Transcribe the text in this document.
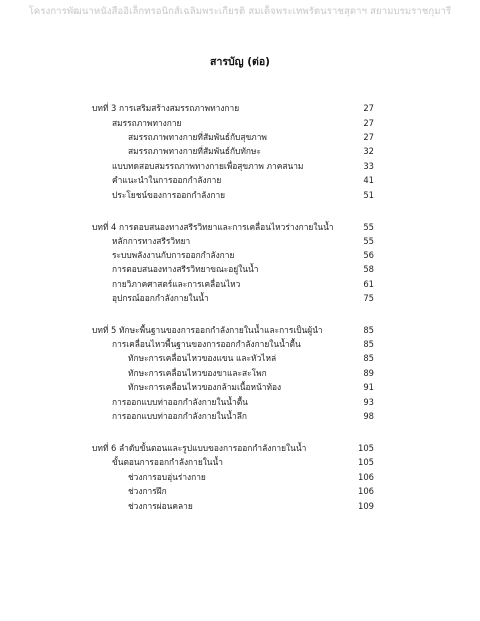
โครงการพัฒนาหนังสืออิเล็กทรอนิกส์เฉลิมพระเกียรติ สมเด็จพระเทพรัตนราชสุดาฯ สยามบรมราชกุมารี
สารบัญ (ต่อ)
บทที่ 3 การเสริมสร้างสมรรถภาพทางกาย	27
สมรรถภาพทางกาย	27
สมรรถภาพทางกายที่สัมพันธ์กับสุขภาพ	27
สมรรถภาพทางกายที่สัมพันธ์กับทักษะ	32
แบบทดสอบสมรรถภาพทางกายเพื่อสุขภาพ ภาคสนาม	33
คำแนะนำในการออกกำลังกาย	41
ประโยชน์ของการออกกำลังกาย	51
บทที่ 4 การตอบสนองทางสรีรวิทยาและการเคลื่อนไหวร่างกายในน้ำ	55
หลักการทางสรีรวิทยา	55
ระบบพลังงานกับการออกกำลังกาย	56
การตอบสนองทางสรีรวิทยาขณะอยู่ในน้ำ	58
กายวิภาคศาสตร์และการเคลื่อนไหว	61
อุปกรณ์ออกกำลังกายในน้ำ	75
บทที่ 5 ทักษะพื้นฐานของการออกกำลังกายในน้ำและการเป็นผู้นำ	85
การเคลื่อนไหวพื้นฐานของการออกกำลังกายในน้ำตื้น	85
ทักษะการเคลื่อนไหวของแขน และหัวไหล่	85
ทักษะการเคลื่อนไหวของขาและสะโพก	89
ทักษะการเคลื่อนไหวของกล้ามเนื้อหน้าท้อง	91
การออกแบบท่าออกกำลังกายในน้ำตื้น	93
การออกแบบท่าออกกำลังกายในน้ำลึก	98
บทที่ 6 ลำดับขั้นตอนและรูปแบบของการออกกำลังกายในน้ำ	105
ขั้นตอนการออกกำลังกายในน้ำ	105
ช่วงการอบอุ่นร่างกาย	106
ช่วงการฝึก	106
ช่วงการผ่อนคลาย	109
